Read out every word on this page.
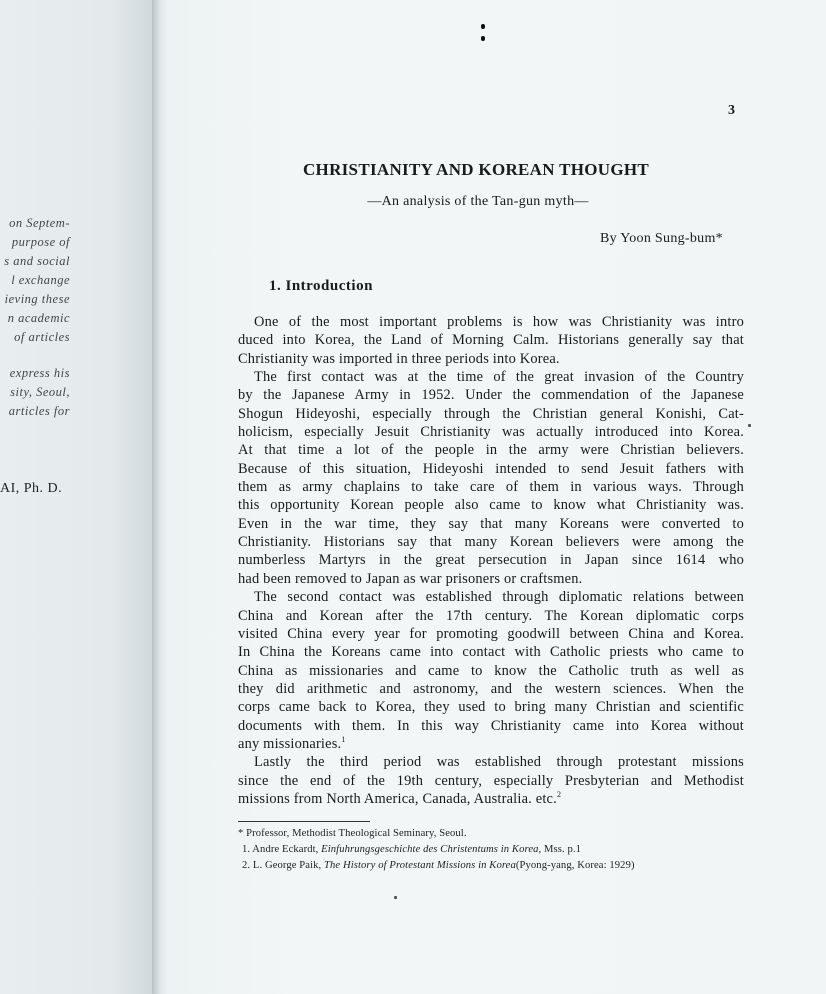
on Septem-
purpose of
s and social
l exchange
ieving these
n academic
of articles
express his
sity, Seoul,
articles for
AI, Ph. D.
3
CHRISTIANITY AND KOREAN THOUGHT

—An analysis of the Tan-gun myth—

By Yoon Sung-bum*
1. Introduction
One of the most important problems is how was Christianity was intro
duced into Korea, the Land of Morning Calm. Historians generally say that
Christianity was imported in three periods into Korea.
The first contact was at the time of the great invasion of the Country
by the Japanese Army in 1952. Under the commendation of the Japanese
Shogun Hideyoshi, especially through the Christian general Konishi, Cat-
holicism, especially Jesuit Christianity was actually introduced into Korea.
At that time a lot of the people in the army were Christian believers.
Because of this situation, Hideyoshi intended to send Jesuit fathers with
them as army chaplains to take care of them in various ways. Through
this opportunity Korean people also came to know what Christianity was.
Even in the war time, they say that many Koreans were converted to
Christianity. Historians say that many Korean believers were among the
numberless Martyrs in the great persecution in Japan since 1614 who
had been removed to Japan as war prisoners or craftsmen.
The second contact was established through diplomatic relations between
China and Korean after the 17th century. The Korean diplomatic corps
visited China every year for promoting goodwill between China and Korea.
In China the Koreans came into contact with Catholic priests who came to
China as missionaries and came to know the Catholic truth as well as
they did arithmetic and astronomy, and the western sciences. When the
corps came back to Korea, they used to bring many Christian and scientific
documents with them. In this way Christianity came into Korea without
any missionaries.$^1$
Lastly the third period was established through protestant missions
since the end of the 19th century, especially Presbyterian and Methodist
missions from North America, Canada, Australia. etc.$^2$
* Professor, Methodist Theological Seminary, Seoul.
1. Andre Eckardt, Einfuhrungsgeschichte des Christentums in Korea, Mss. p.1
2. L. George Paik, The History of Protestant Missions in Korea(Pyong-yang, Korea: 1929)
